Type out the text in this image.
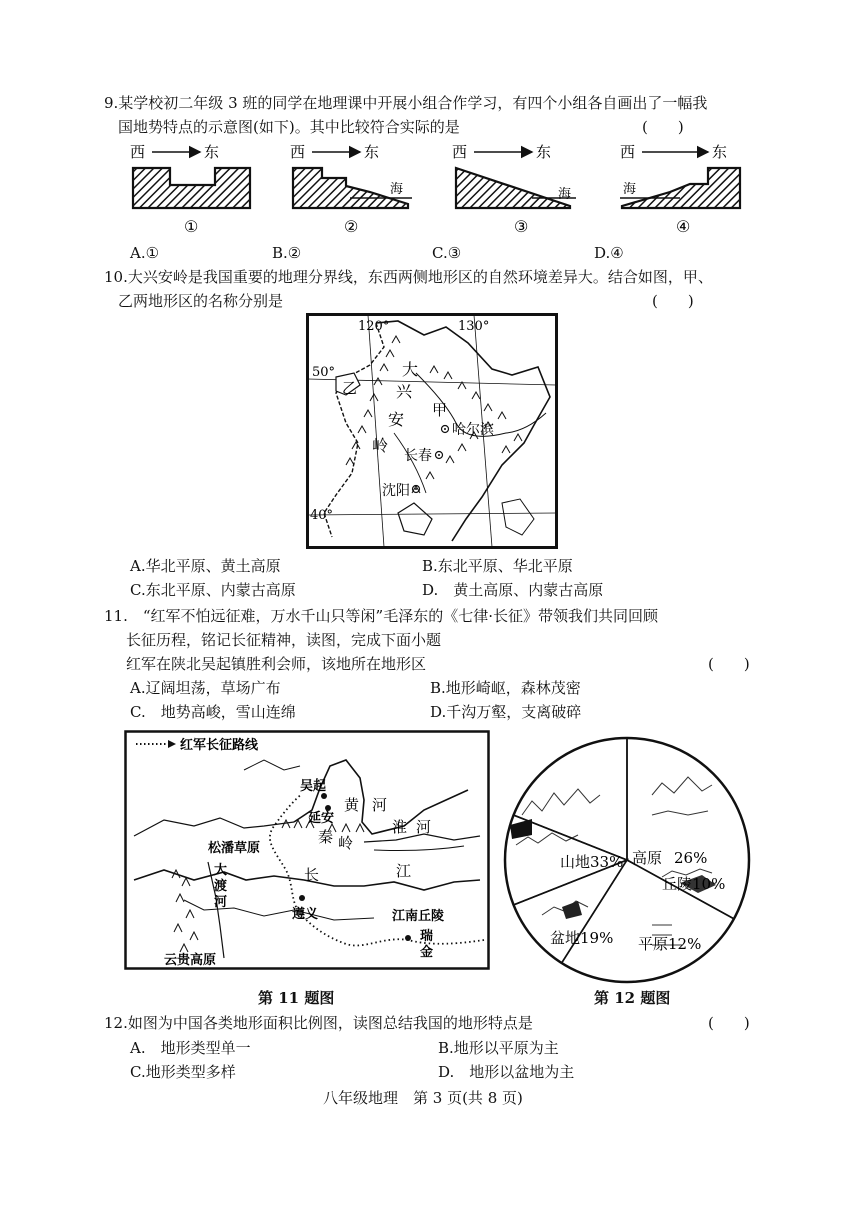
9.某学校初二年级 3 班的同学在地理课中开展小组合作学习，有四个小组各自画出了一幅我
国地势特点的示意图(如下)。其中比较符合实际的是	(　　)
西	东
①
西	东
海
②
西	东
海
③
西	东
海
④
A.①	B.②	C.③	D.④
10.大兴安岭是我国重要的地理分界线，东西两侧地形区的自然环境差异大。结合如图，甲、
乙两地形区的名称分别是	(　　)
120°	130°
50°
40°
乙
甲
大
兴
安
岭
哈尔滨
长春
沈阳
A.华北平原、黄土高原	B.东北平原、华北平原
C.东北平原、内蒙古高原	D.　黄土高原、内蒙古高原
11.　“红军不怕远征难，万水千山只等闲”毛泽东的《七律·长征》带领我们共同回顾
长征历程，铭记长征精神，读图，完成下面小题
红军在陕北吴起镇胜利会师，该地所在地形区	(　　)
A.辽阔坦荡，草场广布	B.地形崎岖，森林茂密
C.　地势高峻，雪山连绵	D.千沟万壑，支离破碎
红军长征路线
吴起
延安
黄 河
秦 岭
淮 河
松潘草原
大
渡
河
长	江
遵义	江南丘陵
瑞
金
云贵高原
山地33% 高原 26%
丘陵10%
盆地19% 平原12%
第 11 题图	第 12 题图
12.如图为中国各类地形面积比例图，读图总结我国的地形特点是	(　　)
A.　地形类型单一	B.地形以平原为主
C.地形类型多样	D.　地形以盆地为主
八年级地理　第 3 页(共 8 页)
